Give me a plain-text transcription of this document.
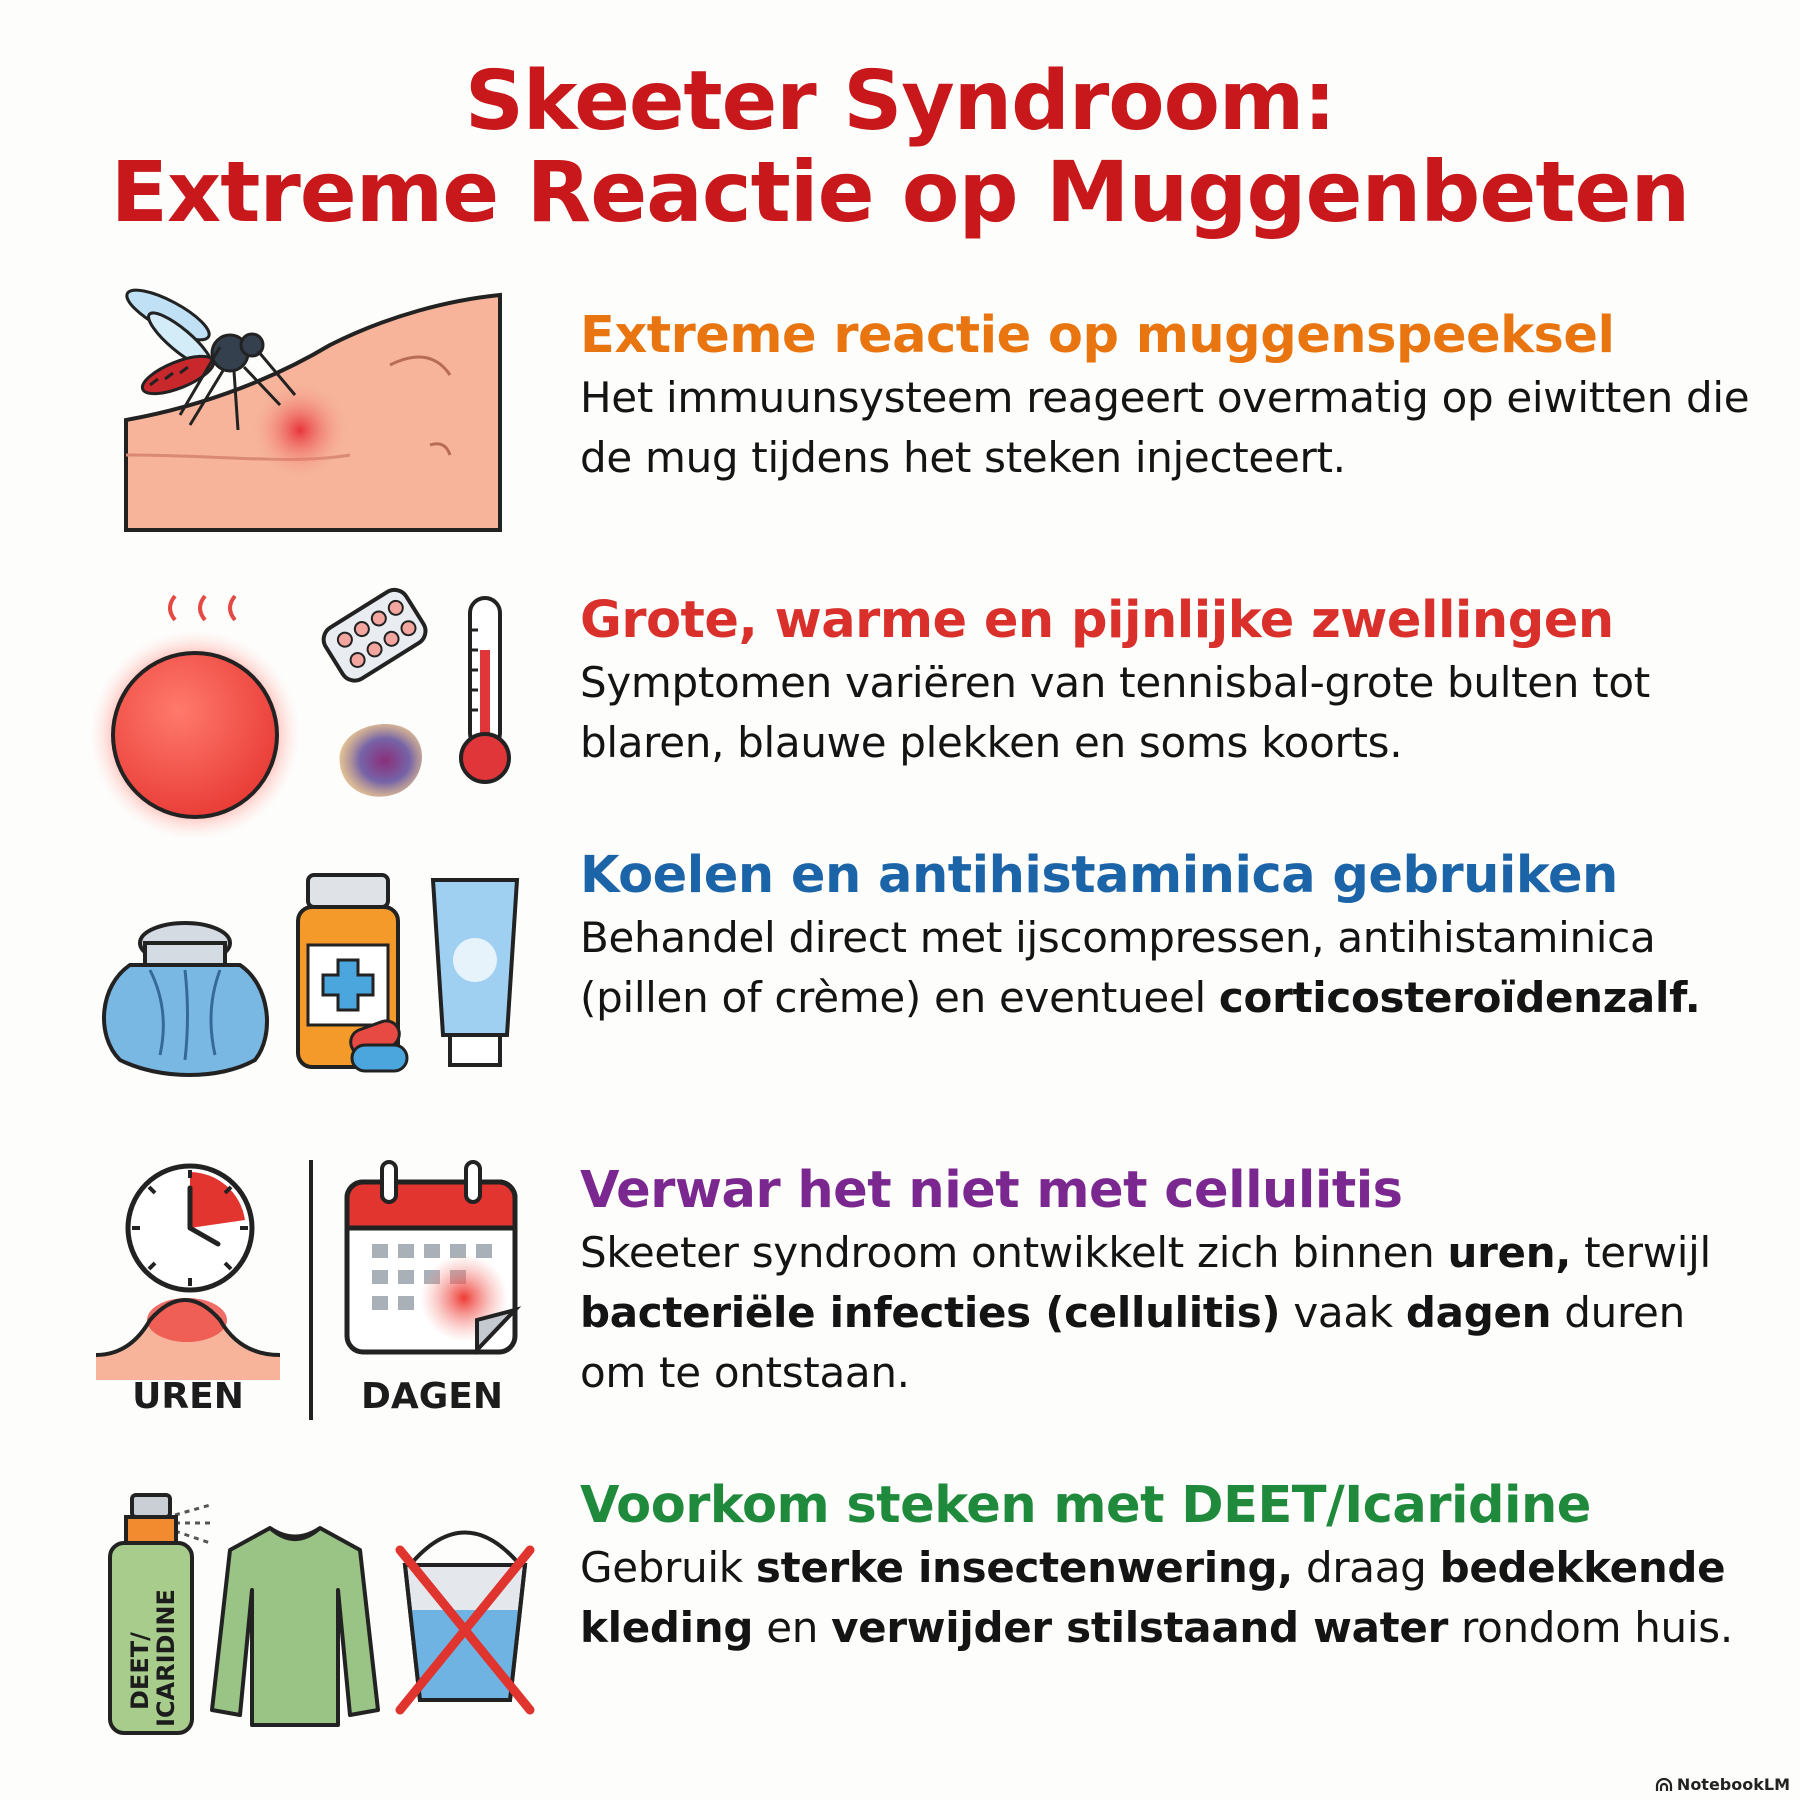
Skeeter Syndroom:
Extreme Reactie op Muggenbeten
Extreme reactie op muggenspeeksel
Het immuunsysteem reageert overmatig op eiwitten die de mug tijdens het steken injecteert.
Grote, warme en pijnlijke zwellingen
Symptomen variëren van tennisbal-grote bulten tot blaren, blauwe plekken en soms koorts.
Koelen en antihistaminica gebruiken
Behandel direct met ijscompressen, antihistaminica (pillen of crème) en eventueel corticosteroïdenzalf.
UREN	DAGEN
Verwar het niet met cellulitis
Skeeter syndroom ontwikkelt zich binnen uren, terwijl bacteriële infecties (cellulitis) vaak dagen duren om te ontstaan.
DEET/
ICARIDINE
Voorkom steken met DEET/Icaridine
Gebruik sterke insectenwering, draag bedekkende kleding en verwijder stilstaand water rondom huis.
NotebookLM
